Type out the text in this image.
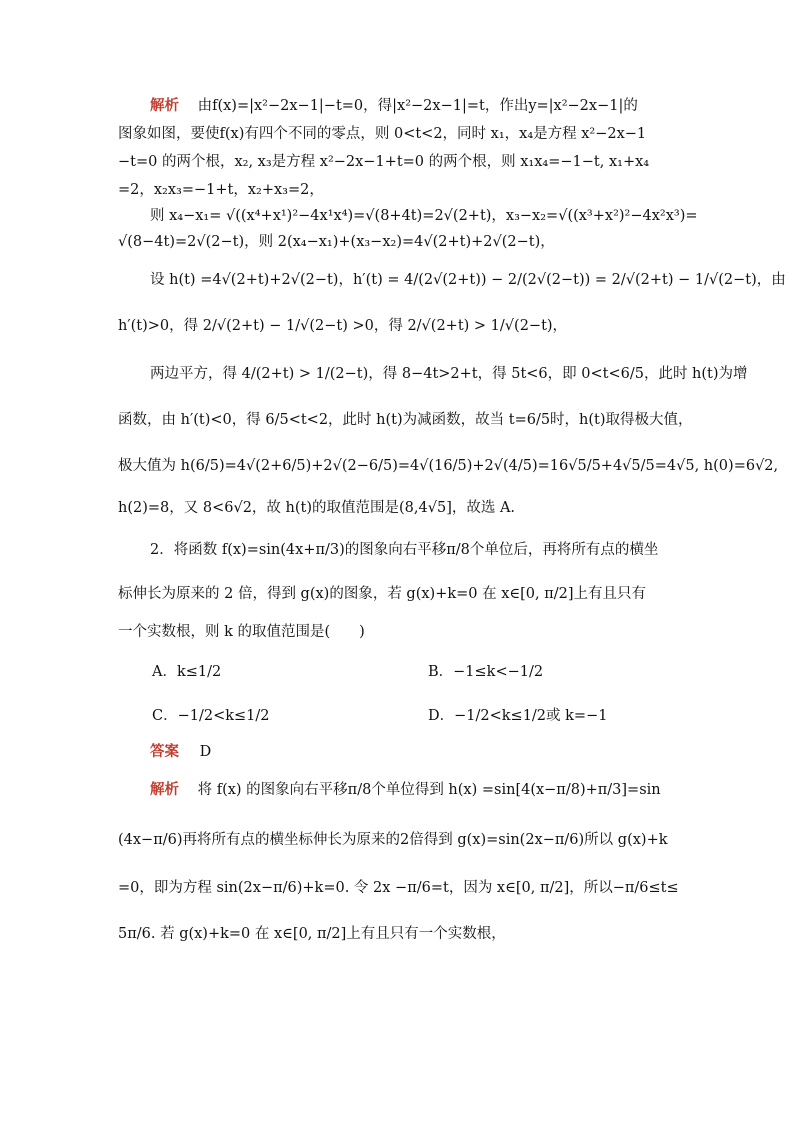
解析 由f(x)=|x²−2x−1|−t=0，得|x²−2x−1|=t，作出y=|x²−2x−1|的
图象如图，要使f(x)有四个不同的零点，则 0<t<2，同时 x₁，x₄是方程 x²−2x−1
−t=0 的两个根，x₂, x₃是方程 x²−2x−1+t=0 的两个根，则 x₁x₄=−1−t, x₁+x₄
=2，x₂x₃=−1+t，x₂+x₃=2，
则 x₄−x₁= √((x⁴+x¹)²−4x¹x⁴)=√(8+4t)=2√(2+t)，x₃−x₂=√((x³+x²)²−4x²x³)=
√(8−4t)=2√(2−t)，则 2(x₄−x₁)+(x₃−x₂)=4√(2+t)+2√(2−t)，
设 h(t) =4√(2+t)+2√(2−t)，h′(t) = 4/(2√(2+t)) − 2/(2√(2−t)) = 2/√(2+t) − 1/√(2−t)，由
h′(t)>0，得 2/√(2+t) − 1/√(2−t) >0，得 2/√(2+t) > 1/√(2−t)，
两边平方，得 4/(2+t) > 1/(2−t)，得 8−4t>2+t，得 5t<6，即 0<t<6/5，此时 h(t)为增
函数，由 h′(t)<0，得 6/5<t<2，此时 h(t)为减函数，故当 t=6/5时，h(t)取得极大值，
极大值为 h(6/5)=4√(2+6/5)+2√(2−6/5)=4√(16/5)+2√(4/5)=16√5/5+4√5/5=4√5, h(0)=6√2,
h(2)=8，又 8<6√2，故 h(t)的取值范围是(8,4√5]，故选 A.
2．将函数 f(x)=sin(4x+π/3)的图象向右平移π/8个单位后，再将所有点的横坐
标伸长为原来的 2 倍，得到 g(x)的图象，若 g(x)+k=0 在 x∈[0, π/2]上有且只有
一个实数根，则 k 的取值范围是(　　)
A．k≤1/2	B．−1≤k<−1/2
C．−1/2<k≤1/2	D．−1/2<k≤1/2或 k=−1
答案 D
解析 将 f(x) 的图象向右平移π/8个单位得到 h(x) =sin[4(x−π/8)+π/3]=sin
(4x−π/6)再将所有点的横坐标伸长为原来的2倍得到 g(x)=sin(2x−π/6)所以 g(x)+k
=0，即为方程 sin(2x−π/6)+k=0. 令 2x −π/6=t，因为 x∈[0, π/2]，所以−π/6≤t≤
5π/6. 若 g(x)+k=0 在 x∈[0, π/2]上有且只有一个实数根，
